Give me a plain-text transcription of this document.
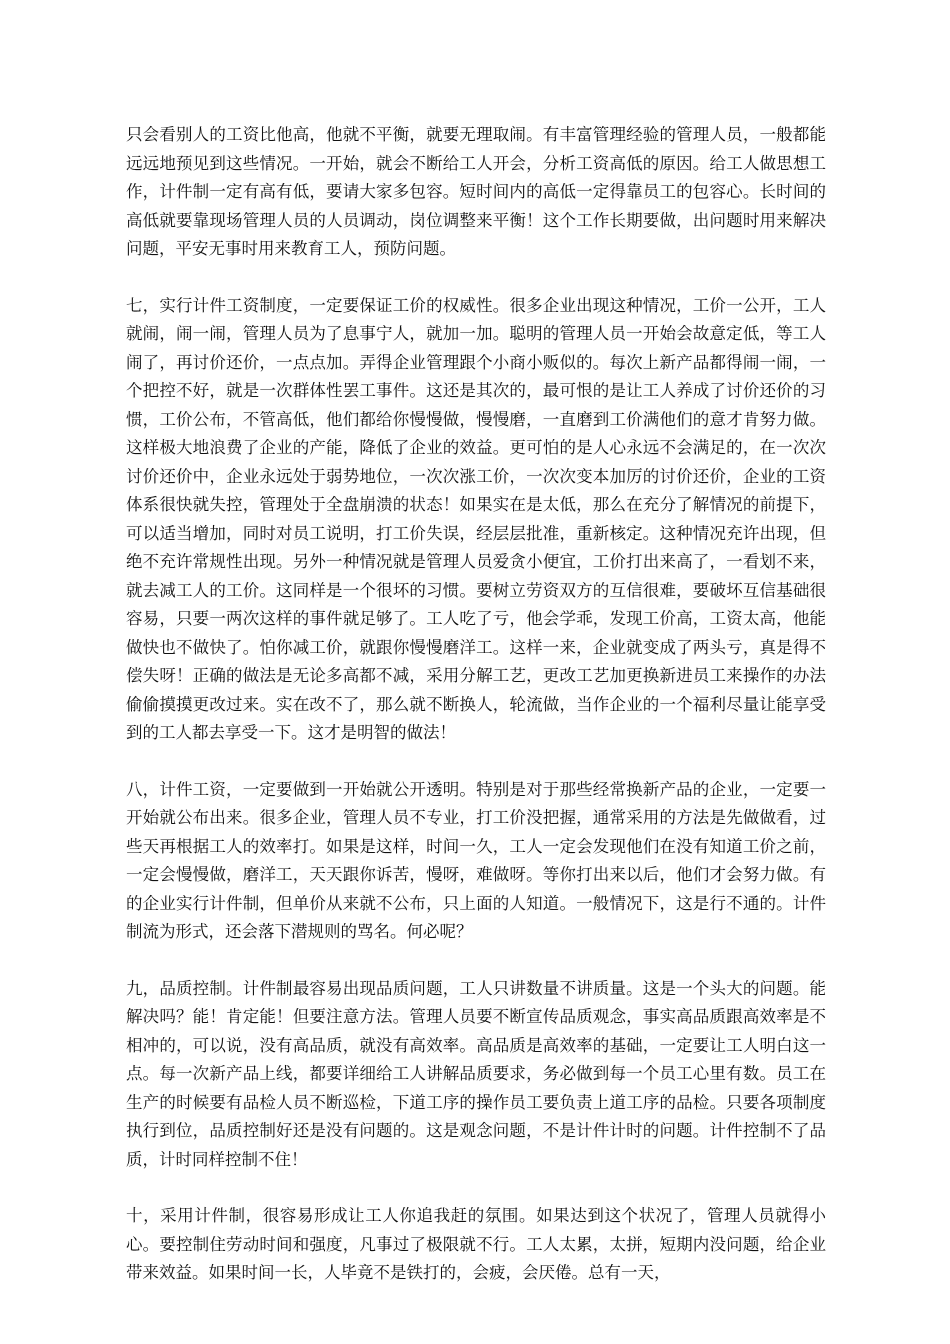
只会看别人的工资比他高，他就不平衡，就要无理取闹。有丰富管理经验的管理人员，一般都能远远地预见到这些情况。一开始，就会不断给工人开会，分析工资高低的原因。给工人做思想工作，计件制一定有高有低，要请大家多包容。短时间内的高低一定得靠员工的包容心。长时间的高低就要靠现场管理人员的人员调动，岗位调整来平衡！这个工作长期要做，出问题时用来解决问题，平安无事时用来教育工人，预防问题。

七，实行计件工资制度，一定要保证工价的权威性。很多企业出现这种情况，工价一公开，工人就闹，闹一闹，管理人员为了息事宁人，就加一加。聪明的管理人员一开始会故意定低，等工人闹了，再讨价还价，一点点加。弄得企业管理跟个小商小贩似的。每次上新产品都得闹一闹，一个把控不好，就是一次群体性罢工事件。这还是其次的，最可恨的是让工人养成了讨价还价的习惯，工价公布，不管高低，他们都给你慢慢做，慢慢磨，一直磨到工价满他们的意才肯努力做。这样极大地浪费了企业的产能，降低了企业的效益。更可怕的是人心永远不会满足的，在一次次讨价还价中，企业永远处于弱势地位，一次次涨工价，一次次变本加厉的讨价还价，企业的工资体系很快就失控，管理处于全盘崩溃的状态！如果实在是太低，那么在充分了解情况的前提下，可以适当增加，同时对员工说明，打工价失误，经层层批准，重新核定。这种情况充许出现，但绝不充许常规性出现。另外一种情况就是管理人员爱贪小便宜，工价打出来高了，一看划不来，就去减工人的工价。这同样是一个很坏的习惯。要树立劳资双方的互信很难，要破坏互信基础很容易，只要一两次这样的事件就足够了。工人吃了亏，他会学乖，发现工价高，工资太高，他能做快也不做快了。怕你减工价，就跟你慢慢磨洋工。这样一来，企业就变成了两头亏，真是得不偿失呀！正确的做法是无论多高都不减，采用分解工艺，更改工艺加更换新进员工来操作的办法偷偷摸摸更改过来。实在改不了，那么就不断换人，轮流做，当作企业的一个福利尽量让能享受到的工人都去享受一下。这才是明智的做法！

八，计件工资，一定要做到一开始就公开透明。特别是对于那些经常换新产品的企业，一定要一开始就公布出来。很多企业，管理人员不专业，打工价没把握，通常采用的方法是先做做看，过些天再根据工人的效率打。如果是这样，时间一久，工人一定会发现他们在没有知道工价之前，一定会慢慢做，磨洋工，天天跟你诉苦，慢呀，难做呀。等你打出来以后，他们才会努力做。有的企业实行计件制，但单价从来就不公布，只上面的人知道。一般情况下，这是行不通的。计件制流为形式，还会落下潜规则的骂名。何必呢？

九，品质控制。计件制最容易出现品质问题，工人只讲数量不讲质量。这是一个头大的问题。能解决吗？能！肯定能！但要注意方法。管理人员要不断宣传品质观念，事实高品质跟高效率是不相冲的，可以说，没有高品质，就没有高效率。高品质是高效率的基础，一定要让工人明白这一点。每一次新产品上线，都要详细给工人讲解品质要求，务必做到每一个员工心里有数。员工在生产的时候要有品检人员不断巡检，下道工序的操作员工要负责上道工序的品检。只要各项制度执行到位，品质控制好还是没有问题的。这是观念问题，不是计件计时的问题。计件控制不了品质，计时同样控制不住！

十，采用计件制，很容易形成让工人你追我赶的氛围。如果达到这个状况了，管理人员就得小心。要控制住劳动时间和强度，凡事过了极限就不行。工人太累，太拼，短期内没问题，给企业带来效益。如果时间一长，人毕竟不是铁打的，会疲，会厌倦。总有一天，
